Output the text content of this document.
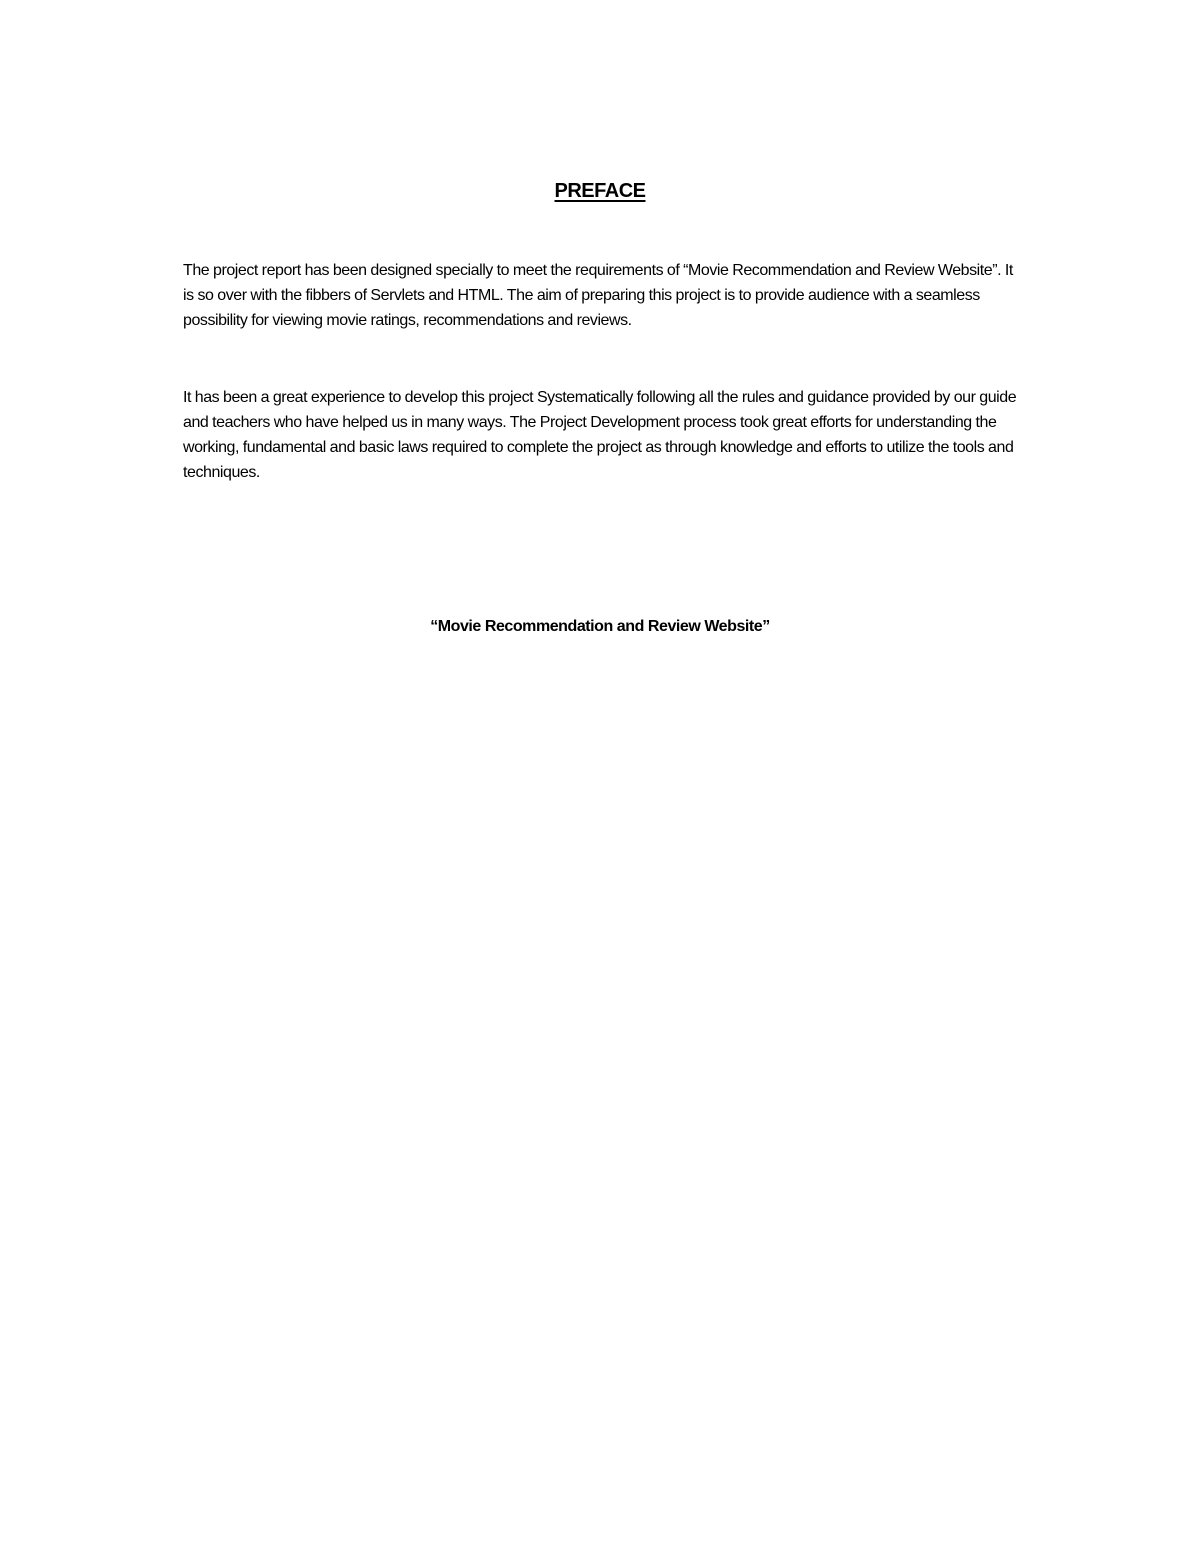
PREFACE

The project report has been designed specially to meet the requirements of “Movie Recommendation and Review Website”. It is so over with the fibbers of Servlets and HTML. The aim of preparing this project is to provide audience with a seamless possibility for viewing movie ratings, recommendations and reviews.

It has been a great experience to develop this project Systematically following all the rules and guidance provided by our guide and teachers who have helped us in many ways. The Project Development process took great efforts for understanding the working, fundamental and basic laws required to complete the project as through knowledge and efforts to utilize the tools and techniques.

“Movie Recommendation and Review Website”
